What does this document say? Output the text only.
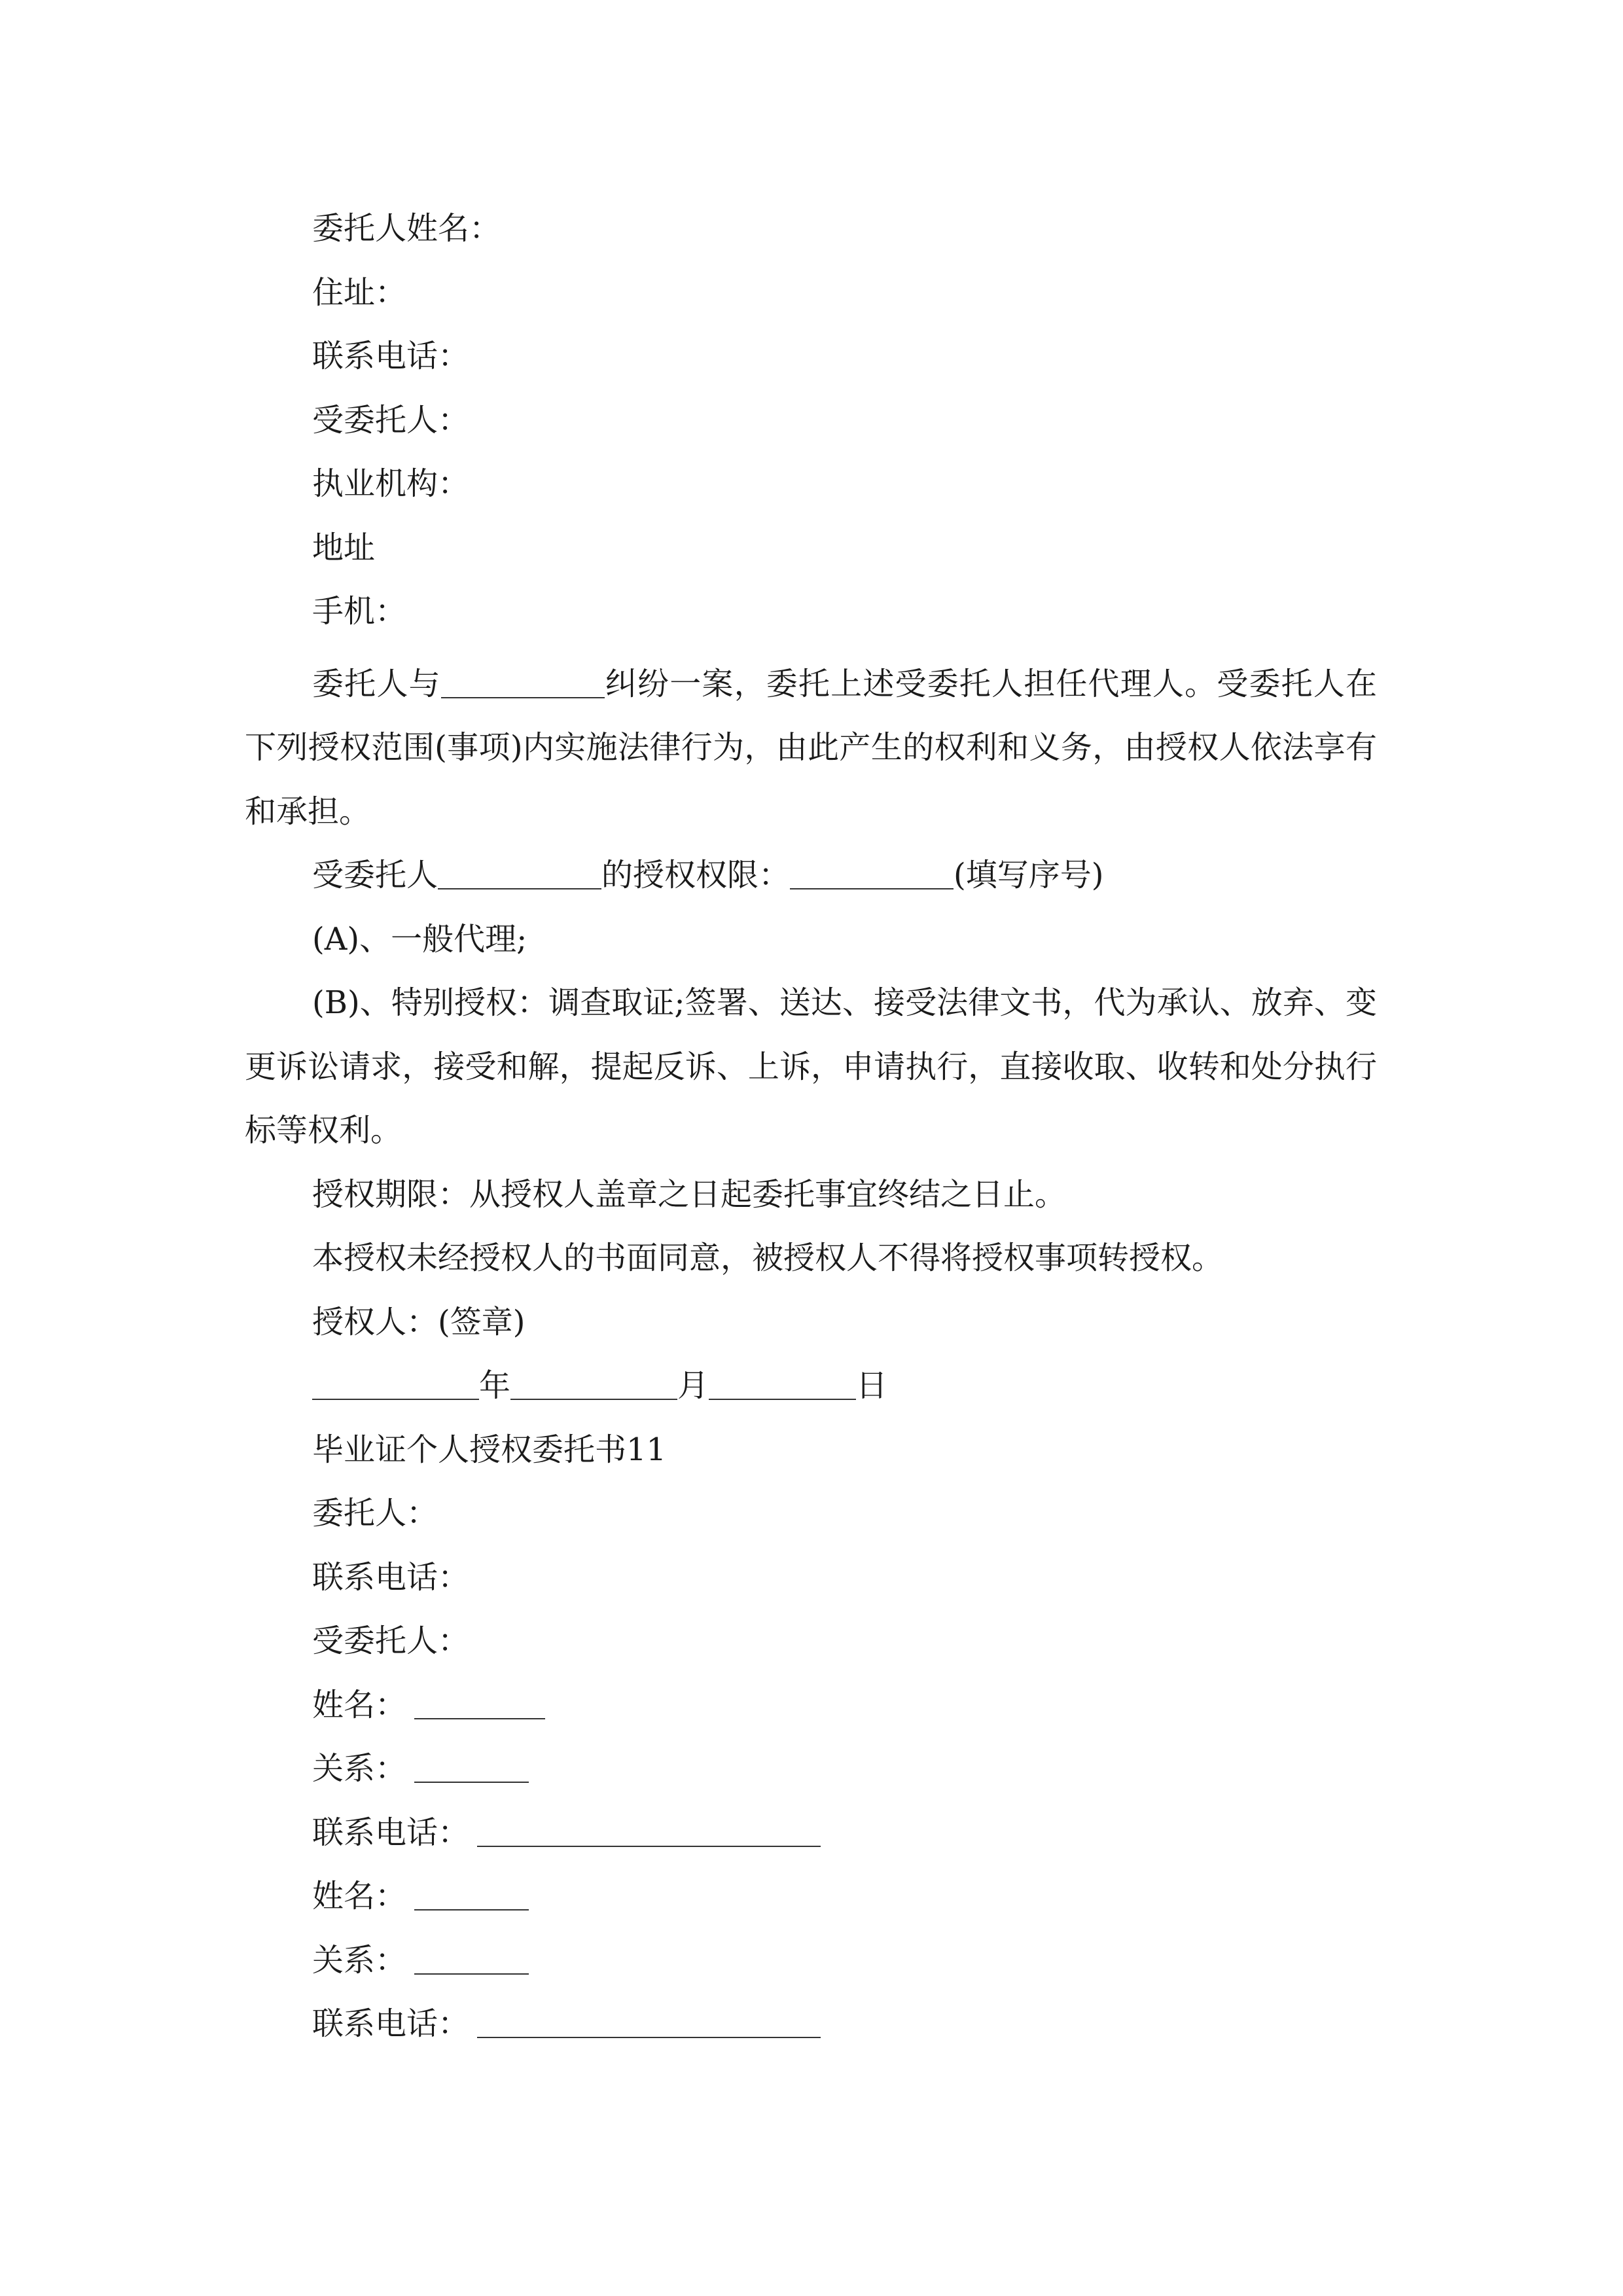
委托人姓名：
住址：
联系电话：
受委托人：
执业机构：
地址
手机：
委托人与	纠纷一案，委托上述受委托人担任代理人。受委托人在下列授权范围(事项)内实施法律行为，由此产生的权利和义务，由授权人依法享有和承担。
受委托人	的授权权限：	(填写序号)
(A)、一般代理;
(B)、特别授权：调查取证;签署、送达、接受法律文书，代为承认、放弃、变更诉讼请求，接受和解，提起反诉、上诉，申请执行，直接收取、收转和处分执行标等权利。
授权期限：从授权人盖章之日起委托事宜终结之日止。
本授权未经授权人的书面同意，被授权人不得将授权事项转授权。
授权人：(签章)
年	月	日
毕业证个人授权委托书11
委托人：
联系电话：
受委托人：
姓名：
关系：
联系电话：
姓名：
关系：
联系电话：
